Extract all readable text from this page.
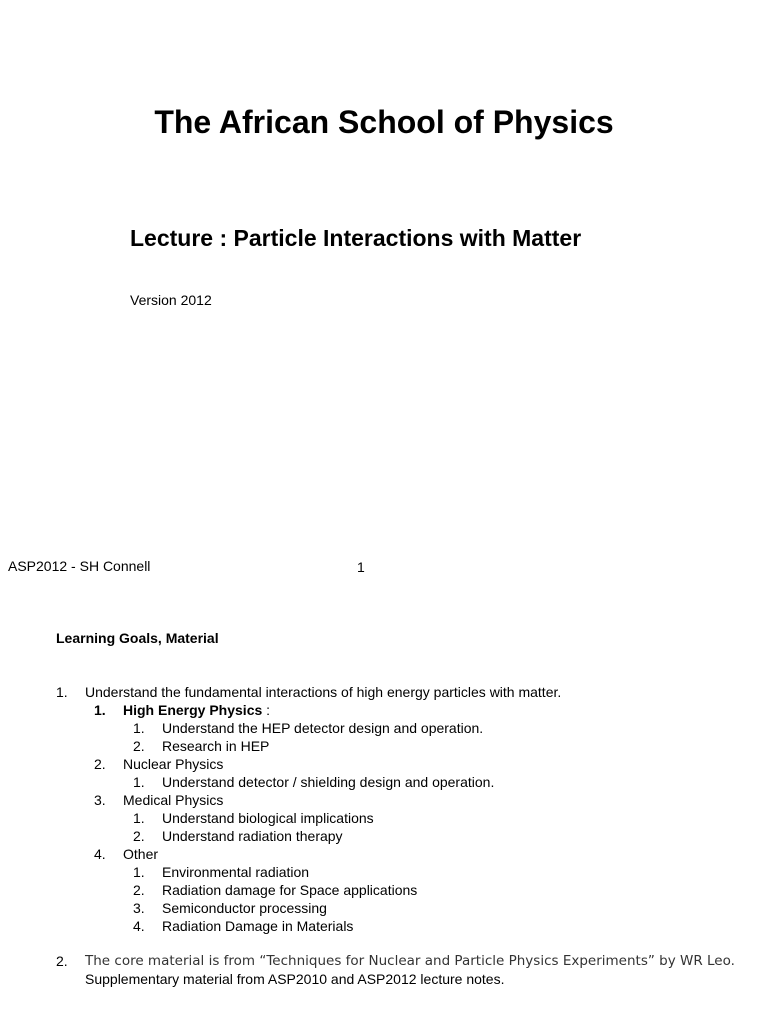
The African School of Physics
Lecture : Particle Interactions with Matter
Version 2012
ASP2012 - SH Connell	1
Learning Goals, Material
1. Understand the fundamental interactions of high energy particles with matter.
1. High Energy Physics :
1. Understand the HEP detector design and operation.
2. Research in HEP
2. Nuclear Physics
1. Understand detector / shielding design and operation.
3. Medical Physics
1. Understand biological implications
2. Understand radiation therapy
4. Other
1. Environmental radiation
2. Radiation damage for Space applications
3. Semiconductor processing
4. Radiation Damage in Materials
2. The core material is from “Techniques for Nuclear and Particle Physics Experiments” by WR Leo.
Supplementary material from ASP2010 and ASP2012 lecture notes.
